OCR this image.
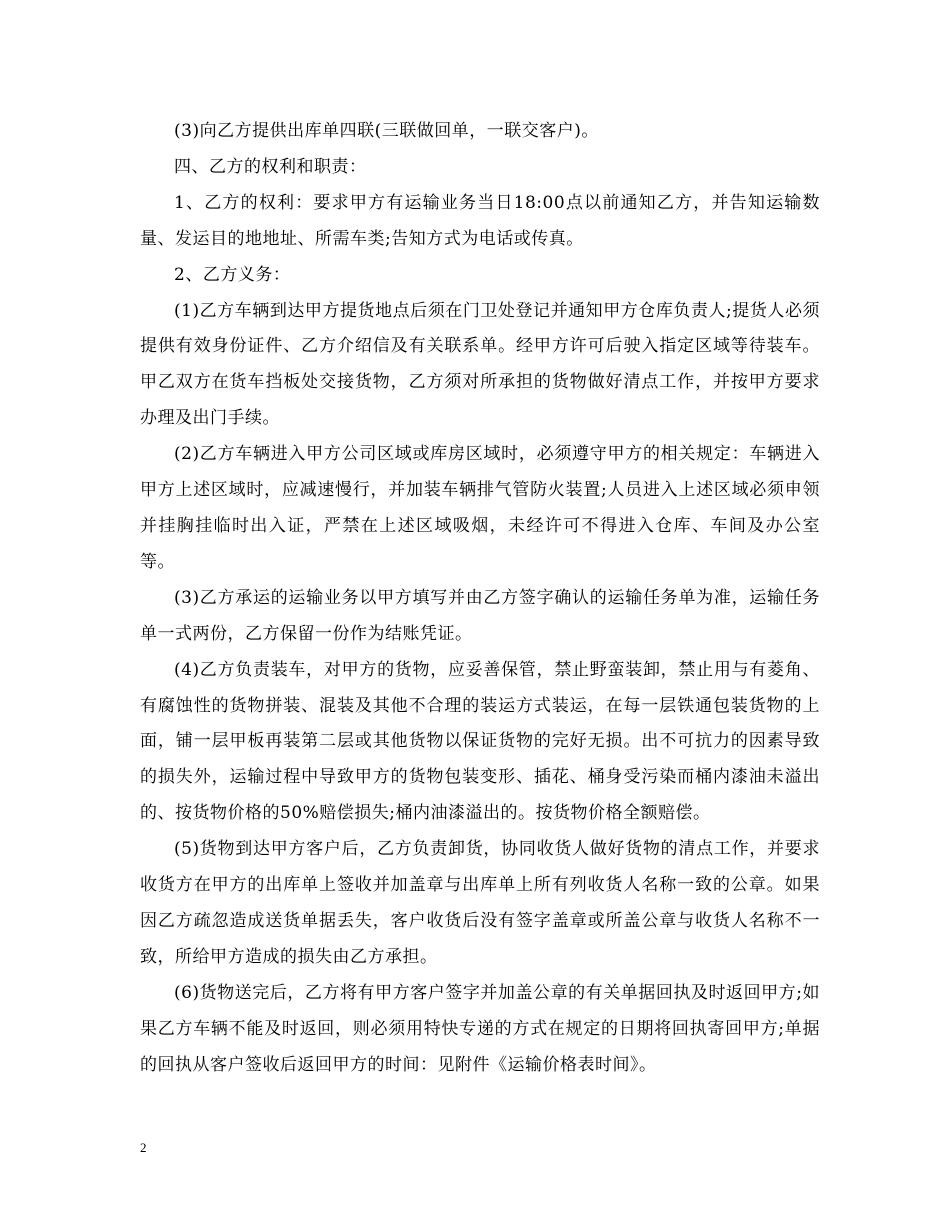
(3)向乙方提供出库单四联(三联做回单，一联交客户)。

四、乙方的权利和职责：

1、乙方的权利：要求甲方有运输业务当日18:00点以前通知乙方，并告知运输数量、发运目的地地址、所需车类;告知方式为电话或传真。

2、乙方义务：

(1)乙方车辆到达甲方提货地点后须在门卫处登记并通知甲方仓库负责人;提货人必须提供有效身份证件、乙方介绍信及有关联系单。经甲方许可后驶入指定区域等待装车。甲乙双方在货车挡板处交接货物，乙方须对所承担的货物做好清点工作，并按甲方要求办理及出门手续。

(2)乙方车辆进入甲方公司区域或库房区域时，必须遵守甲方的相关规定：车辆进入甲方上述区域时，应减速慢行，并加装车辆排气管防火装置;人员进入上述区域必须申领并挂胸挂临时出入证，严禁在上述区域吸烟，未经许可不得进入仓库、车间及办公室等。

(3)乙方承运的运输业务以甲方填写并由乙方签字确认的运输任务单为准，运输任务单一式两份，乙方保留一份作为结账凭证。

(4)乙方负责装车，对甲方的货物，应妥善保管，禁止野蛮装卸，禁止用与有菱角、有腐蚀性的货物拼装、混装及其他不合理的装运方式装运，在每一层铁通包装货物的上面，铺一层甲板再装第二层或其他货物以保证货物的完好无损。出不可抗力的因素导致的损失外，运输过程中导致甲方的货物包装变形、插花、桶身受污染而桶内漆油未溢出的、按货物价格的50%赔偿损失;桶内油漆溢出的。按货物价格全额赔偿。

(5)货物到达甲方客户后，乙方负责卸货，协同收货人做好货物的清点工作，并要求收货方在甲方的出库单上签收并加盖章与出库单上所有列收货人名称一致的公章。如果因乙方疏忽造成送货单据丢失，客户收货后没有签字盖章或所盖公章与收货人名称不一致，所给甲方造成的损失由乙方承担。

(6)货物送完后，乙方将有甲方客户签字并加盖公章的有关单据回执及时返回甲方;如果乙方车辆不能及时返回，则必须用特快专递的方式在规定的日期将回执寄回甲方;单据的回执从客户签收后返回甲方的时间：见附件《运输价格表时间》。

2
